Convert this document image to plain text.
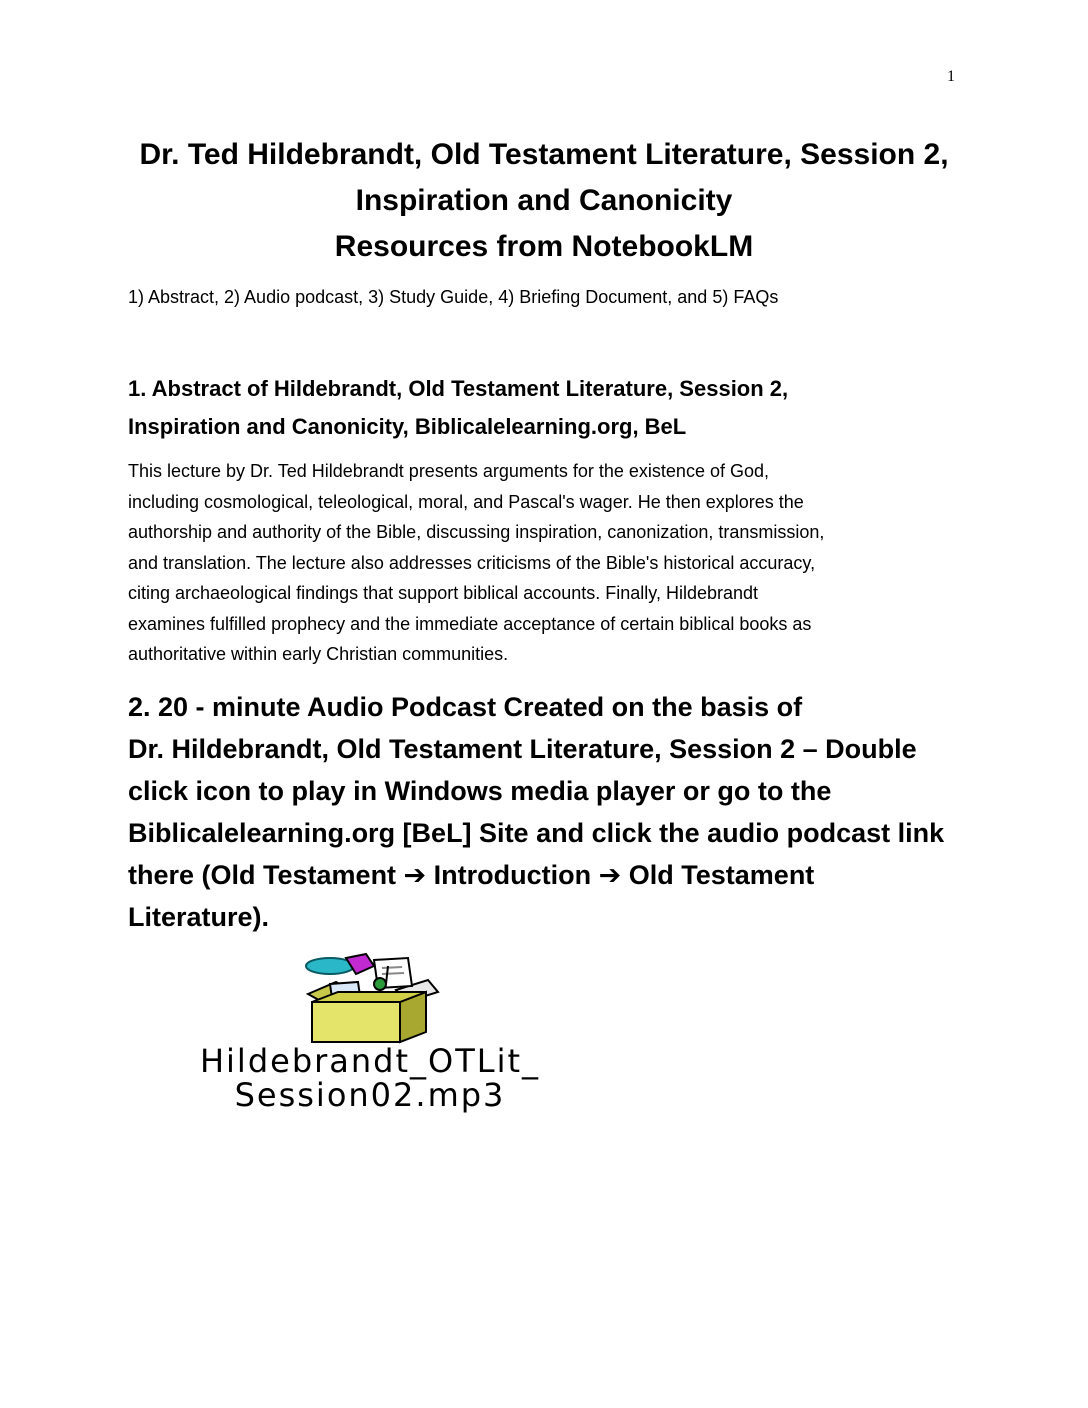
1
Dr. Ted Hildebrandt, Old Testament Literature, Session 2,
Inspiration and Canonicity
Resources from NotebookLM
1) Abstract, 2) Audio podcast, 3) Study Guide, 4) Briefing Document, and 5) FAQs
1. Abstract of Hildebrandt, Old Testament Literature, Session 2,
Inspiration and Canonicity, Biblicalelearning.org, BeL
This lecture by Dr. Ted Hildebrandt presents arguments for the existence of God,
including cosmological, teleological, moral, and Pascal's wager. He then explores the
authorship and authority of the Bible, discussing inspiration, canonization, transmission,
and translation. The lecture also addresses criticisms of the Bible's historical accuracy,
citing archaeological findings that support biblical accounts. Finally, Hildebrandt
examines fulfilled prophecy and the immediate acceptance of certain biblical books as
authoritative within early Christian communities.
2. 20 - minute Audio Podcast Created on the basis of
Dr. Hildebrandt, Old Testament Literature, Session 2 – Double
click icon to play in Windows media player or go to the
Biblicalelearning.org [BeL] Site and click the audio podcast link
there (Old Testament ➔ Introduction ➔ Old Testament
Literature).
Hildebrandt_OTLit_
Session02.mp3
